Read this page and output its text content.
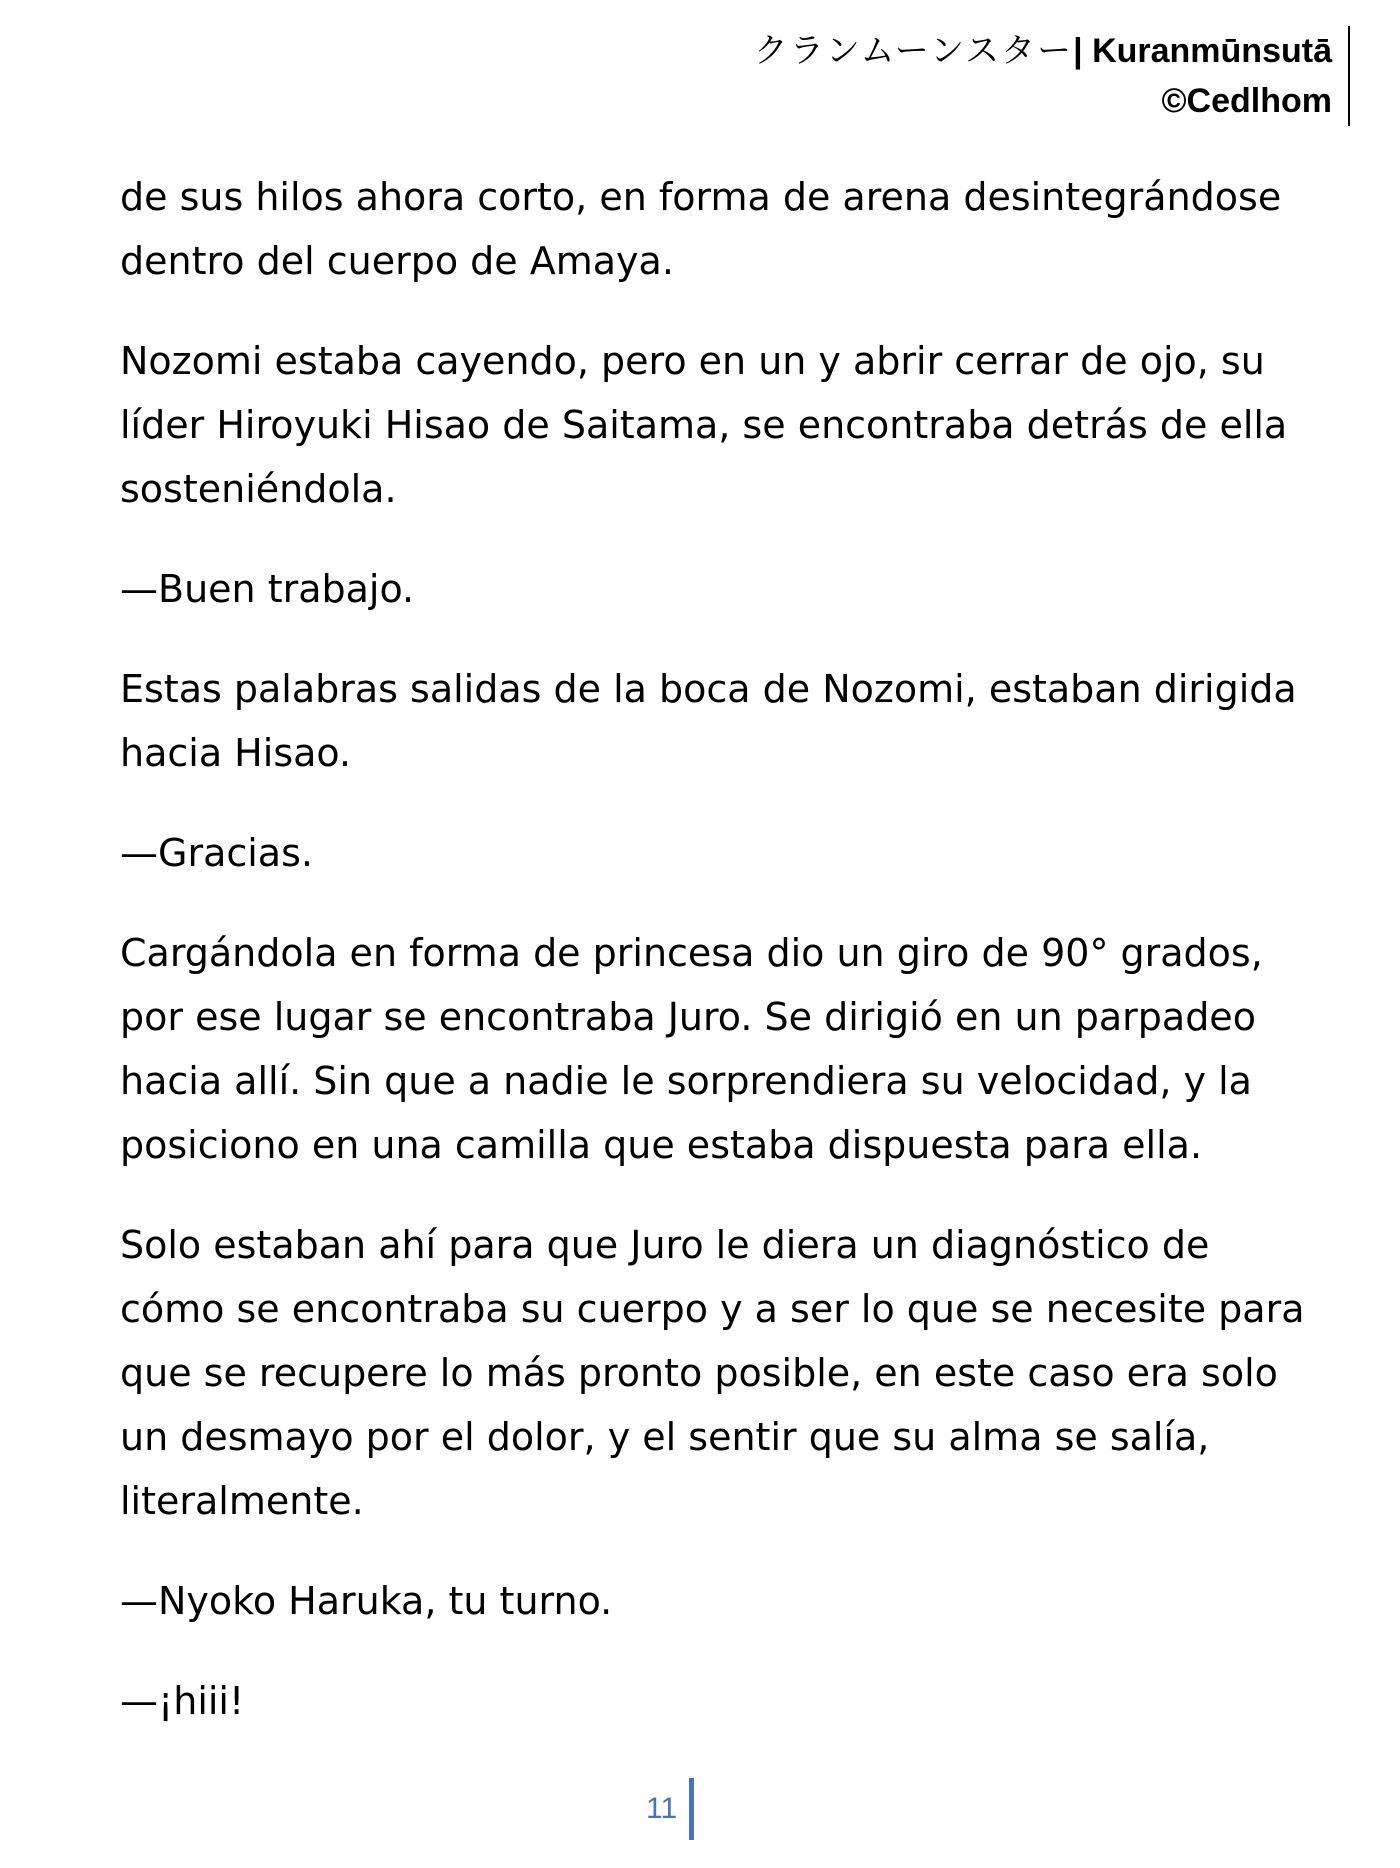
クランムーンスター| Kuranmūnsutā
©Cedlhom

de sus hilos ahora corto, en forma de arena desintegrándose dentro del cuerpo de Amaya.

Nozomi estaba cayendo, pero en un y abrir cerrar de ojo, su líder Hiroyuki Hisao de Saitama, se encontraba detrás de ella sosteniéndola.

—Buen trabajo.

Estas palabras salidas de la boca de Nozomi, estaban dirigida hacia Hisao.

—Gracias.

Cargándola en forma de princesa dio un giro de 90° grados, por ese lugar se encontraba Juro. Se dirigió en un parpadeo hacia allí. Sin que a nadie le sorprendiera su velocidad, y la posiciono en una camilla que estaba dispuesta para ella.

Solo estaban ahí para que Juro le diera un diagnóstico de cómo se encontraba su cuerpo y a ser lo que se necesite para que se recupere lo más pronto posible, en este caso era solo un desmayo por el dolor, y el sentir que su alma se salía, literalmente.

—Nyoko Haruka, tu turno.

—¡hiii!

11
